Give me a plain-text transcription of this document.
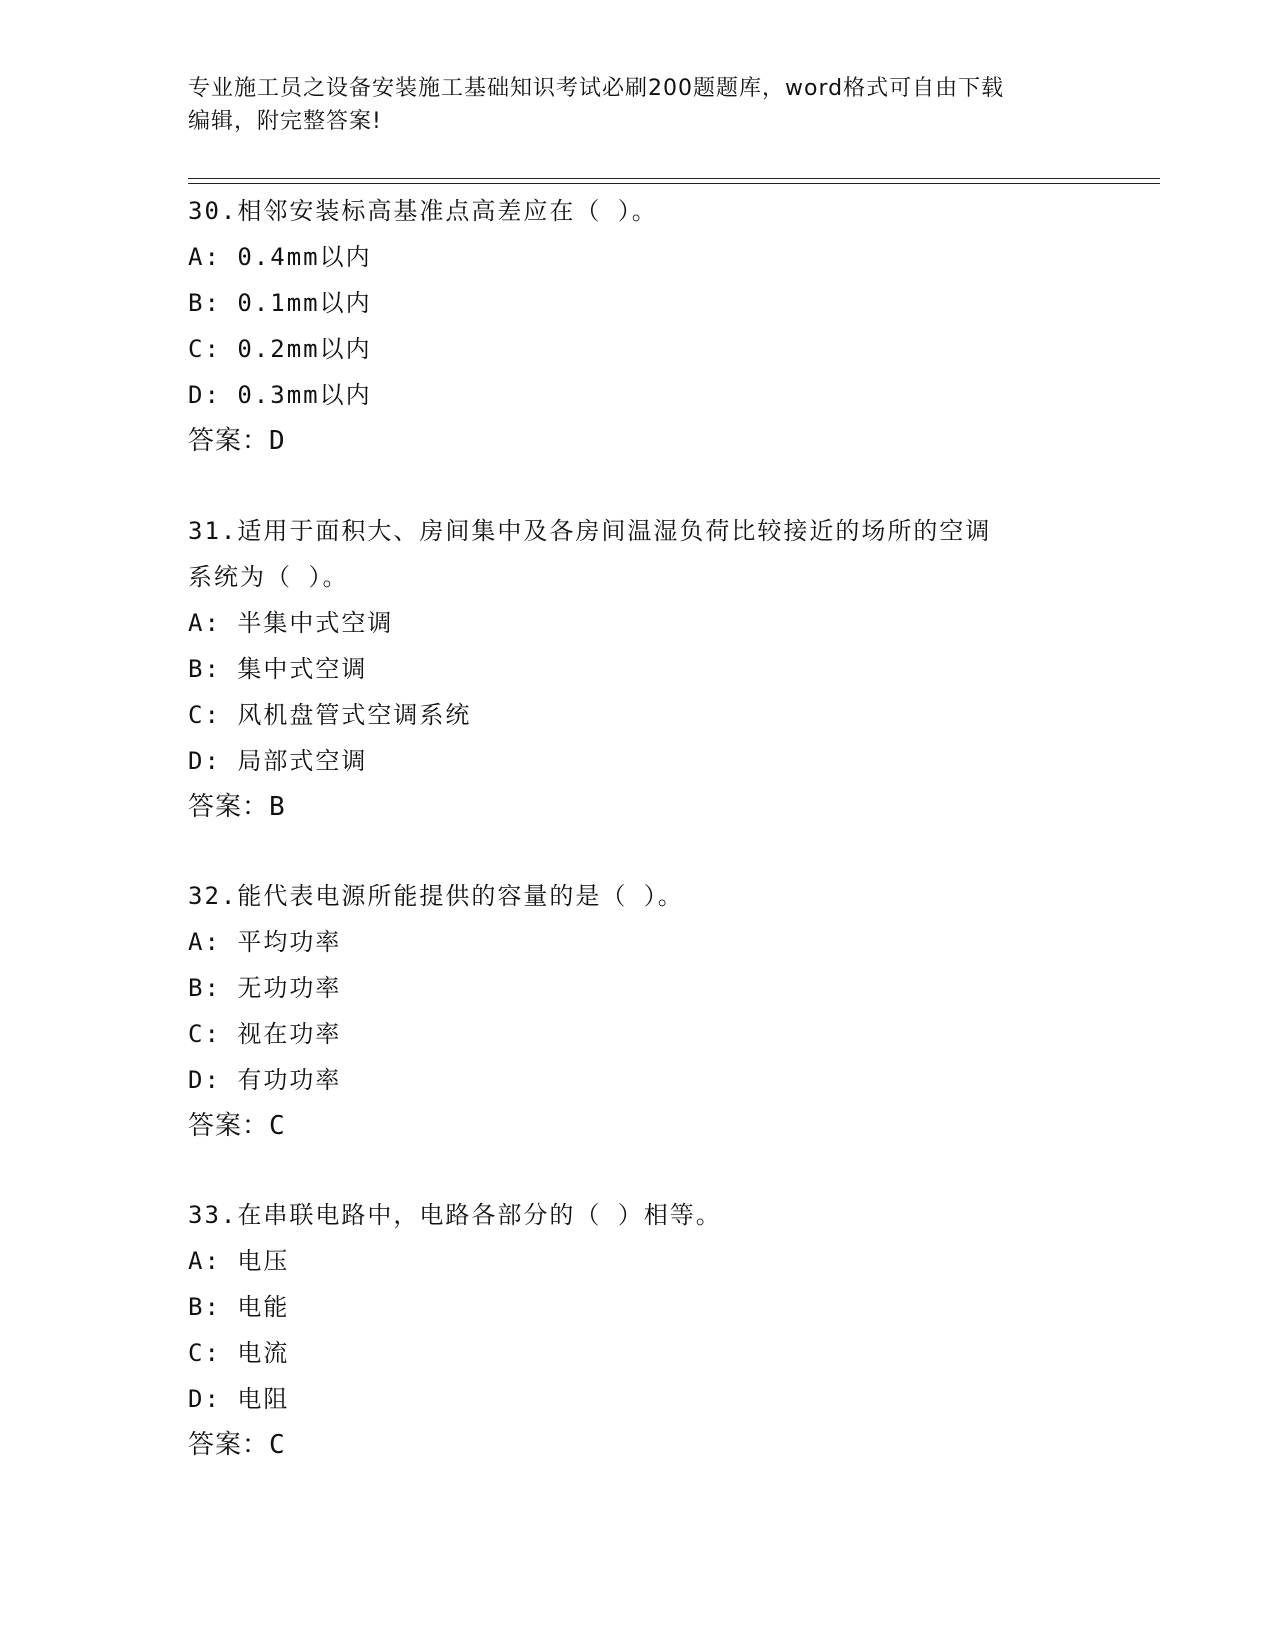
专业施工员之设备安装施工基础知识考试必刷200题题库，word格式可自由下载
编辑，附完整答案!
30.相邻安装标高基准点高差应在（ ）。
A: 0.4mm以内
B: 0.1mm以内
C: 0.2mm以内
D: 0.3mm以内
答案：D
31.适用于面积大、房间集中及各房间温湿负荷比较接近的场所的空调
系统为（ ）。
A: 半集中式空调
B: 集中式空调
C: 风机盘管式空调系统
D: 局部式空调
答案：B
32.能代表电源所能提供的容量的是（ ）。
A: 平均功率
B: 无功功率
C: 视在功率
D: 有功功率
答案：C
33.在串联电路中，电路各部分的（ ）相等。
A: 电压
B: 电能
C: 电流
D: 电阻
答案：C
